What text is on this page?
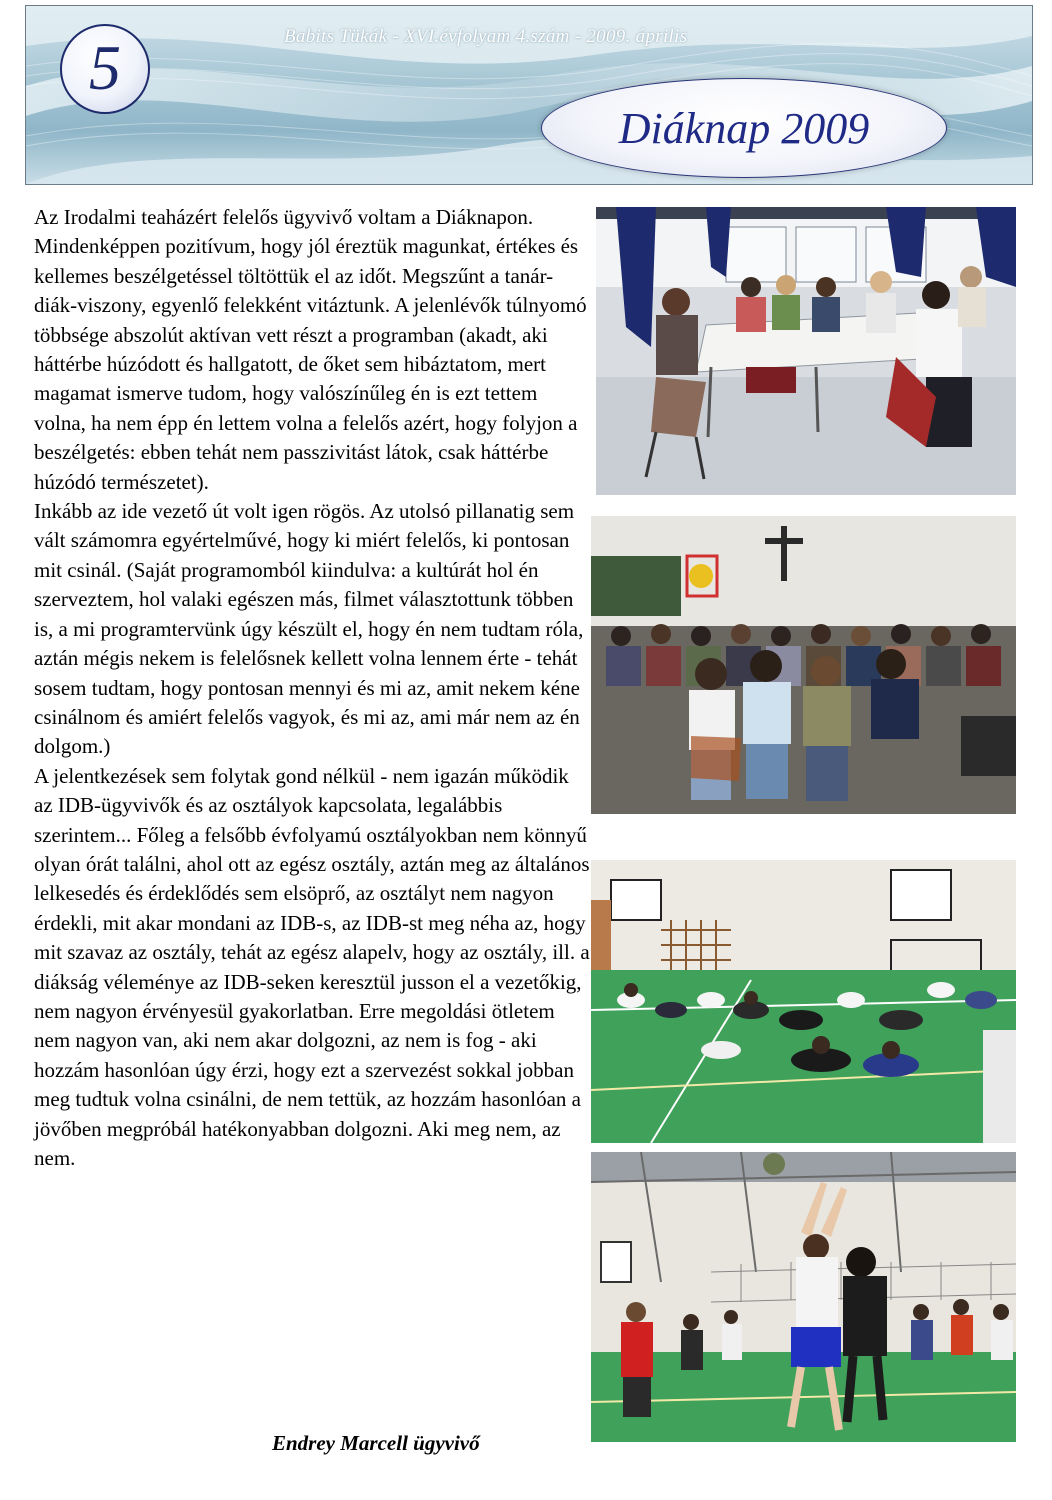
5	Babits Tükák - XVI.évfolyam 4.szám - 2009. április
Diáknap 2009

Az Irodalmi teaházért felelős ügyvivő voltam a Diáknapon. Mindenképpen pozitívum, hogy jól éreztük magunkat, értékes és kellemes beszélgetéssel töltöttük el az időt. Megszűnt a tanár-diák-viszony, egyenlő felekként vitáztunk. A jelenlévők túlnyomó többsége abszolút aktívan vett részt a programban (akadt, aki háttérbe húzódott és hallgatott, de őket sem hibáztatom, mert magamat ismerve tudom, hogy valószínűleg én is ezt tettem volna, ha nem épp én lettem volna a felelős azért, hogy folyjon a beszélgetés: ebben tehát nem passzivitást látok, csak háttérbe húzódó természetet).

Inkább az ide vezető út volt igen rögös. Az utolsó pillanatig sem vált számomra egyértelművé, hogy ki miért felelős, ki pontosan mit csinál. (Saját programomból kiindulva: a kultúrát hol én szerveztem, hol valaki egészen más, filmet választottunk többen is, a mi programtervünk úgy készült el, hogy én nem tudtam róla, aztán mégis nekem is felelősnek kellett volna lennem érte - tehát sosem tudtam, hogy pontosan mennyi és mi az, amit nekem kéne csinálnom és amiért felelős vagyok, és mi az, ami már nem az én dolgom.)

A jelentkezések sem folytak gond nélkül - nem igazán működik az IDB-ügyvivők és az osztályok kapcsolata, legalábbis szerintem... Főleg a felsőbb évfolyamú osztályokban nem könnyű olyan órát találni, ahol ott az egész osztály, aztán meg az általános lelkesedés és érdeklődés sem elsöprő, az osztályt nem nagyon érdekli, mit akar mondani az IDB-s, az IDB-st meg néha az, hogy mit szavaz az osztály, tehát az egész alapelv, hogy az osztály, ill. a diákság véleménye az IDB-seken keresztül jusson el a vezetőkig, nem nagyon érvényesül gyakorlatban. Erre megoldási ötletem nem nagyon van, aki nem akar dolgozni, az nem is fog - aki hozzám hasonlóan úgy érzi, hogy ezt a szervezést sokkal jobban meg tudtuk volna csinálni, de nem tettük, az hozzám hasonlóan a jövőben megpróbál hatékonyabban dolgozni. Aki meg nem, az nem.

Endrey Marcell ügyvivő
